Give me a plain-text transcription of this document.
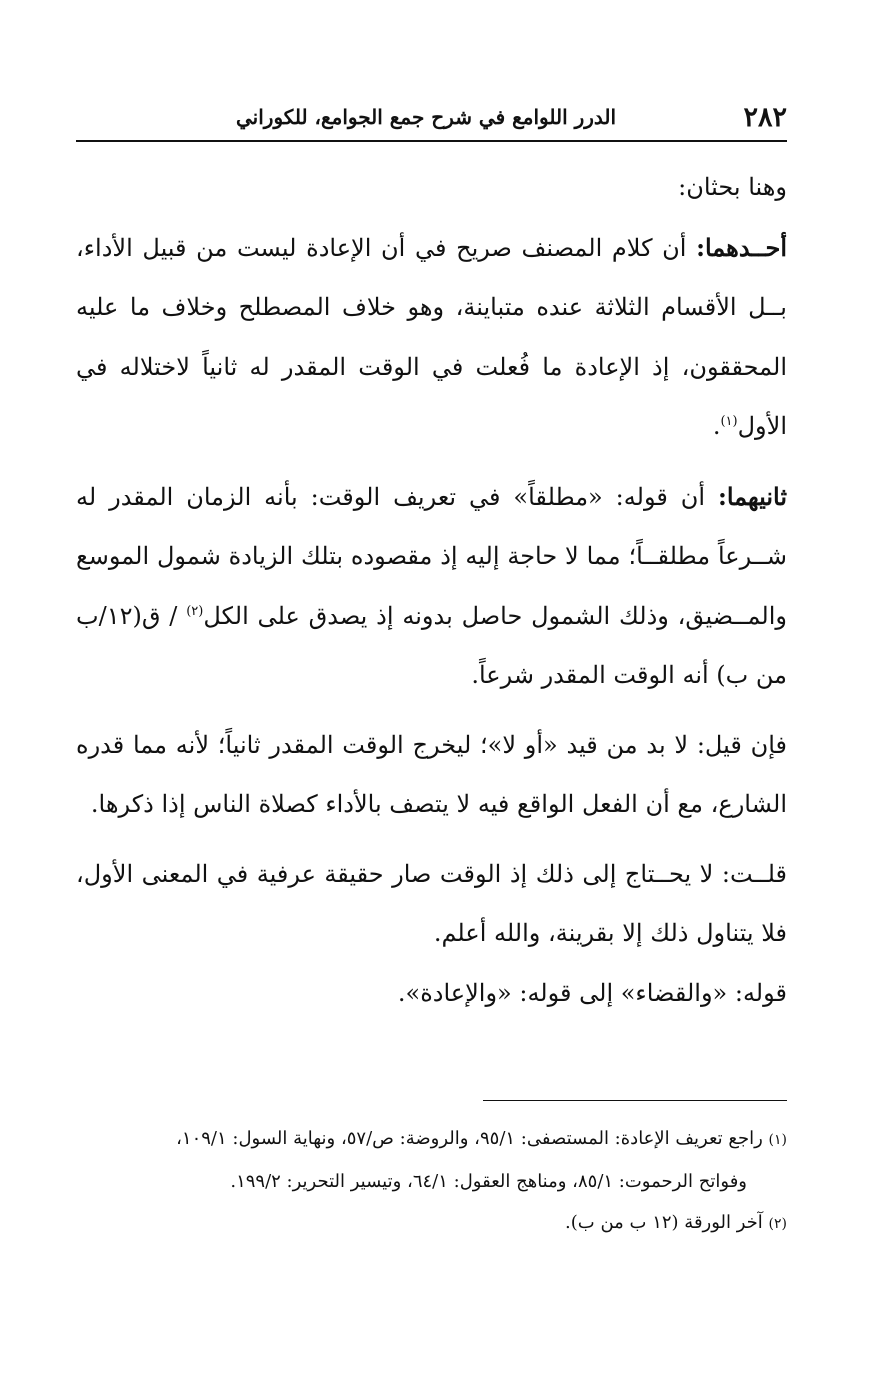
٢٨٢
الدرر اللوامع في شرح جمع الجوامع، للكوراني

وهنا بحثان:

أحــدهما: أن كلام المصنف صريح في أن الإعادة ليست من قبيل الأداء، بــل الأقسام الثلاثة عنده متباينة، وهو خلاف المصطلح وخلاف ما عليه المحققون، إذ الإعادة ما فُعلت في الوقت المقدر له ثانياً لاختلاله في الأول$^{(١)}$.

ثانيهما: أن قوله: «مطلقاً» في تعريف الوقت: بأنه الزمان المقدر له شــرعاً مطلقــاً؛ مما لا حاجة إليه إذ مقصوده بتلك الزيادة شمول الموسع والمــضيق، وذلك الشمول حاصل بدونه إذ يصدق على الكل$^{(٢)}$ / ق(١٢/ب من ب) أنه الوقت المقدر شرعاً.

فإن قيل: لا بد من قيد «أو لا»؛ ليخرج الوقت المقدر ثانياً؛ لأنه مما قدره الشارع، مع أن الفعل الواقع فيه لا يتصف بالأداء كصلاة الناس إذا ذكرها.

قلــت: لا يحــتاج إلى ذلك إذ الوقت صار حقيقة عرفية في المعنى الأول، فلا يتناول ذلك إلا بقرينة، والله أعلم.

قوله: «والقضاء» إلى قوله: «والإعادة».

(١) راجع تعريف الإعادة: المستصفى: ٩٥/١، والروضة: ص/٥٧، ونهاية السول: ١٠٩/١،

وفواتح الرحموت: ٨٥/١، ومناهج العقول: ٦٤/١، وتيسير التحرير: ١٩٩/٢.

(٢) آخر الورقة (١٢ ب من ب).
